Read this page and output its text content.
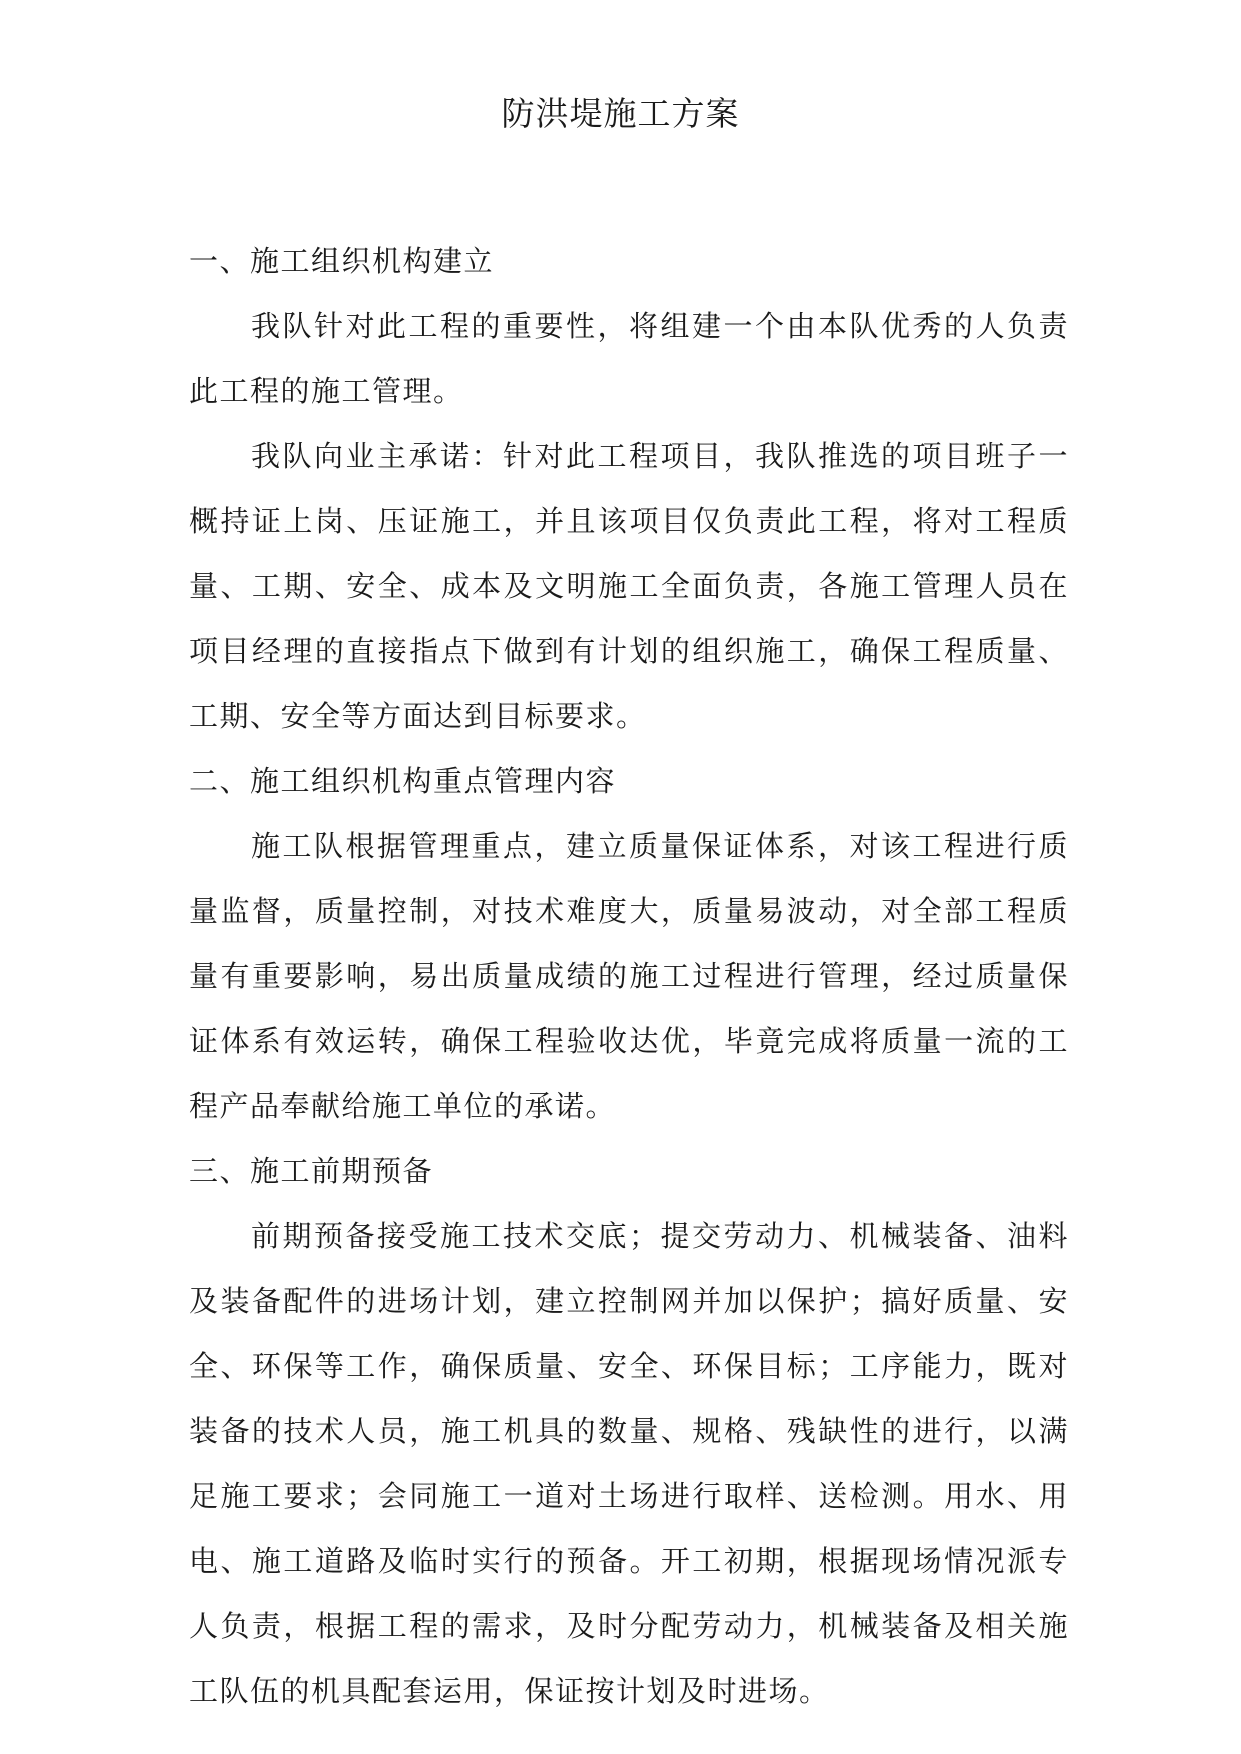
防洪堤施工方案

一、施工组织机构建立

我队针对此工程的重要性，将组建一个由本队优秀的人负责此工程的施工管理。

我队向业主承诺：针对此工程项目，我队推选的项目班子一概持证上岗、压证施工，并且该项目仅负责此工程，将对工程质量、工期、安全、成本及文明施工全面负责，各施工管理人员在项目经理的直接指点下做到有计划的组织施工，确保工程质量、工期、安全等方面达到目标要求。

二、施工组织机构重点管理内容

施工队根据管理重点，建立质量保证体系，对该工程进行质量监督，质量控制，对技术难度大，质量易波动，对全部工程质量有重要影响，易出质量成绩的施工过程进行管理，经过质量保证体系有效运转，确保工程验收达优，毕竟完成将质量一流的工程产品奉献给施工单位的承诺。

三、施工前期预备

前期预备接受施工技术交底；提交劳动力、机械装备、油料及装备配件的进场计划，建立控制网并加以保护；搞好质量、安全、环保等工作，确保质量、安全、环保目标；工序能力，既对装备的技术人员，施工机具的数量、规格、残缺性的进行，以满足施工要求；会同施工一道对土场进行取样、送检测。用水、用电、施工道路及临时实行的预备。开工初期，根据现场情况派专人负责，根据工程的需求，及时分配劳动力，机械装备及相关施工队伍的机具配套运用，保证按计划及时进场。
